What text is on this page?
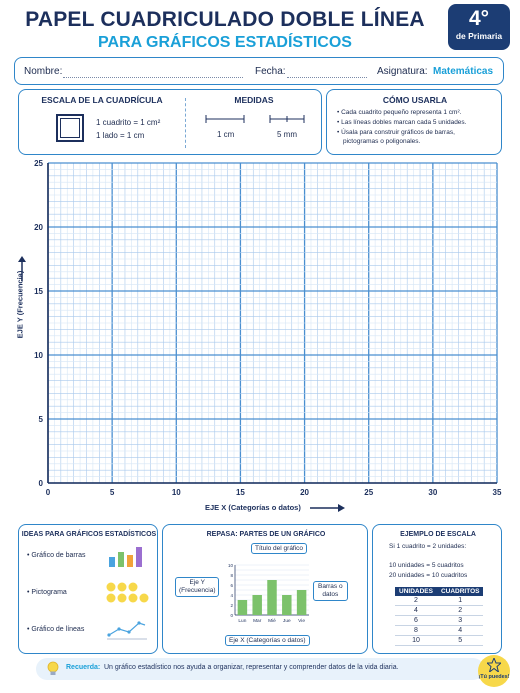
PAPEL CUADRICULADO DOBLE LÍNEA
PARA GRÁFICOS ESTADÍSTICOS
4°
de Primaria
Nombre:	Fecha:	Asignatura: Matemáticas
ESCALA DE LA CUADRÍCULA
1 cuadrito = 1 cm²
1 lado = 1 cm
MEDIDAS
1 cm	5 mm
CÓMO USARLA
• Cada cuadrito pequeño representa 1 cm².
• Las líneas dobles marcan cada 5 unidades.
• Úsala para construir gráficos de barras,
pictogramas o poligonales.
0
5
10
15
20
25
0	5	10	15	20	25	30	35
EJE Y (Frecuencia)
EJE X (Categorías o datos)
IDEAS PARA GRÁFICOS ESTADÍSTICOS
• Gráfico de barras
• Pictograma
• Gráfico de líneas
REPASA: PARTES DE UN GRÁFICO
Título del gráfico
Eje Y
(Frecuencia)
Barras o
datos
0
2
4
6
8
10
Lun Mar Mié Jue Vie
Eje X (Categorías o datos)
EJEMPLO DE ESCALA
Si 1 cuadrito = 2 unidades:
10 unidades = 5 cuadritos
20 unidades = 10 cuadritos
UNIDADES	CUADRITOS
2	1
4	2
6	3
8	4
10	5
Recuerda: Un gráfico estadístico nos ayuda a organizar, representar y comprender datos de la vida diaria.
¡Tú puedes!
